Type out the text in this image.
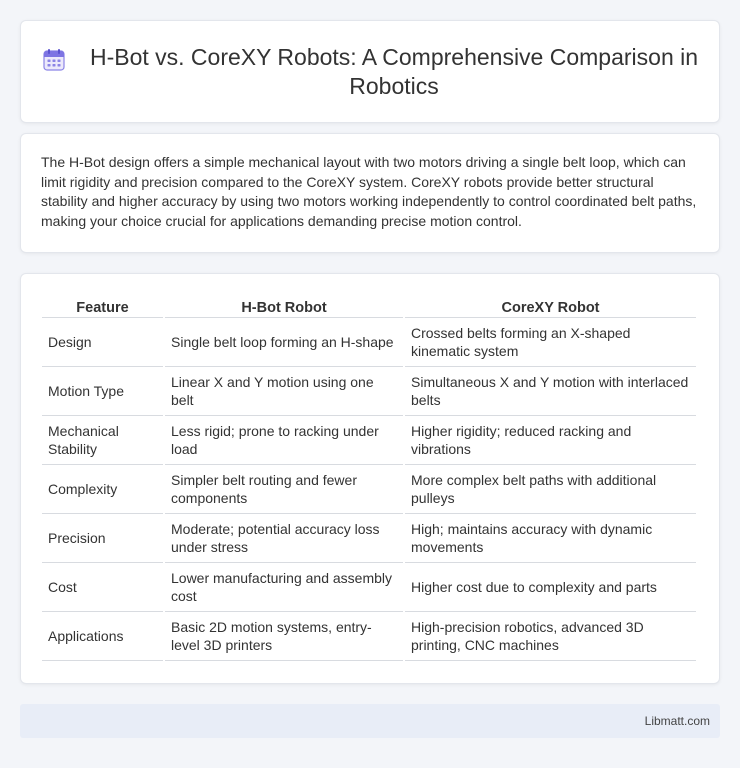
H-Bot vs. CoreXY Robots: A Comprehensive Comparison in Robotics

The H-Bot design offers a simple mechanical layout with two motors driving a single belt loop, which can limit rigidity and precision compared to the CoreXY system. CoreXY robots provide better structural stability and higher accuracy by using two motors working independently to control coordinated belt paths, making your choice crucial for applications demanding precise motion control.

Feature	H-Bot Robot	CoreXY Robot
Design	Single belt loop forming an H-shape	Crossed belts forming an X-shaped kinematic system
Motion Type	Linear X and Y motion using one belt	Simultaneous X and Y motion with interlaced belts
Mechanical Stability	Less rigid; prone to racking under load	Higher rigidity; reduced racking and vibrations
Complexity	Simpler belt routing and fewer components	More complex belt paths with additional pulleys
Precision	Moderate; potential accuracy loss under stress	High; maintains accuracy with dynamic movements
Cost	Lower manufacturing and assembly cost	Higher cost due to complexity and parts
Applications	Basic 2D motion systems, entry-level 3D printers	High-precision robotics, advanced 3D printing, CNC machines
Libmatt.com
